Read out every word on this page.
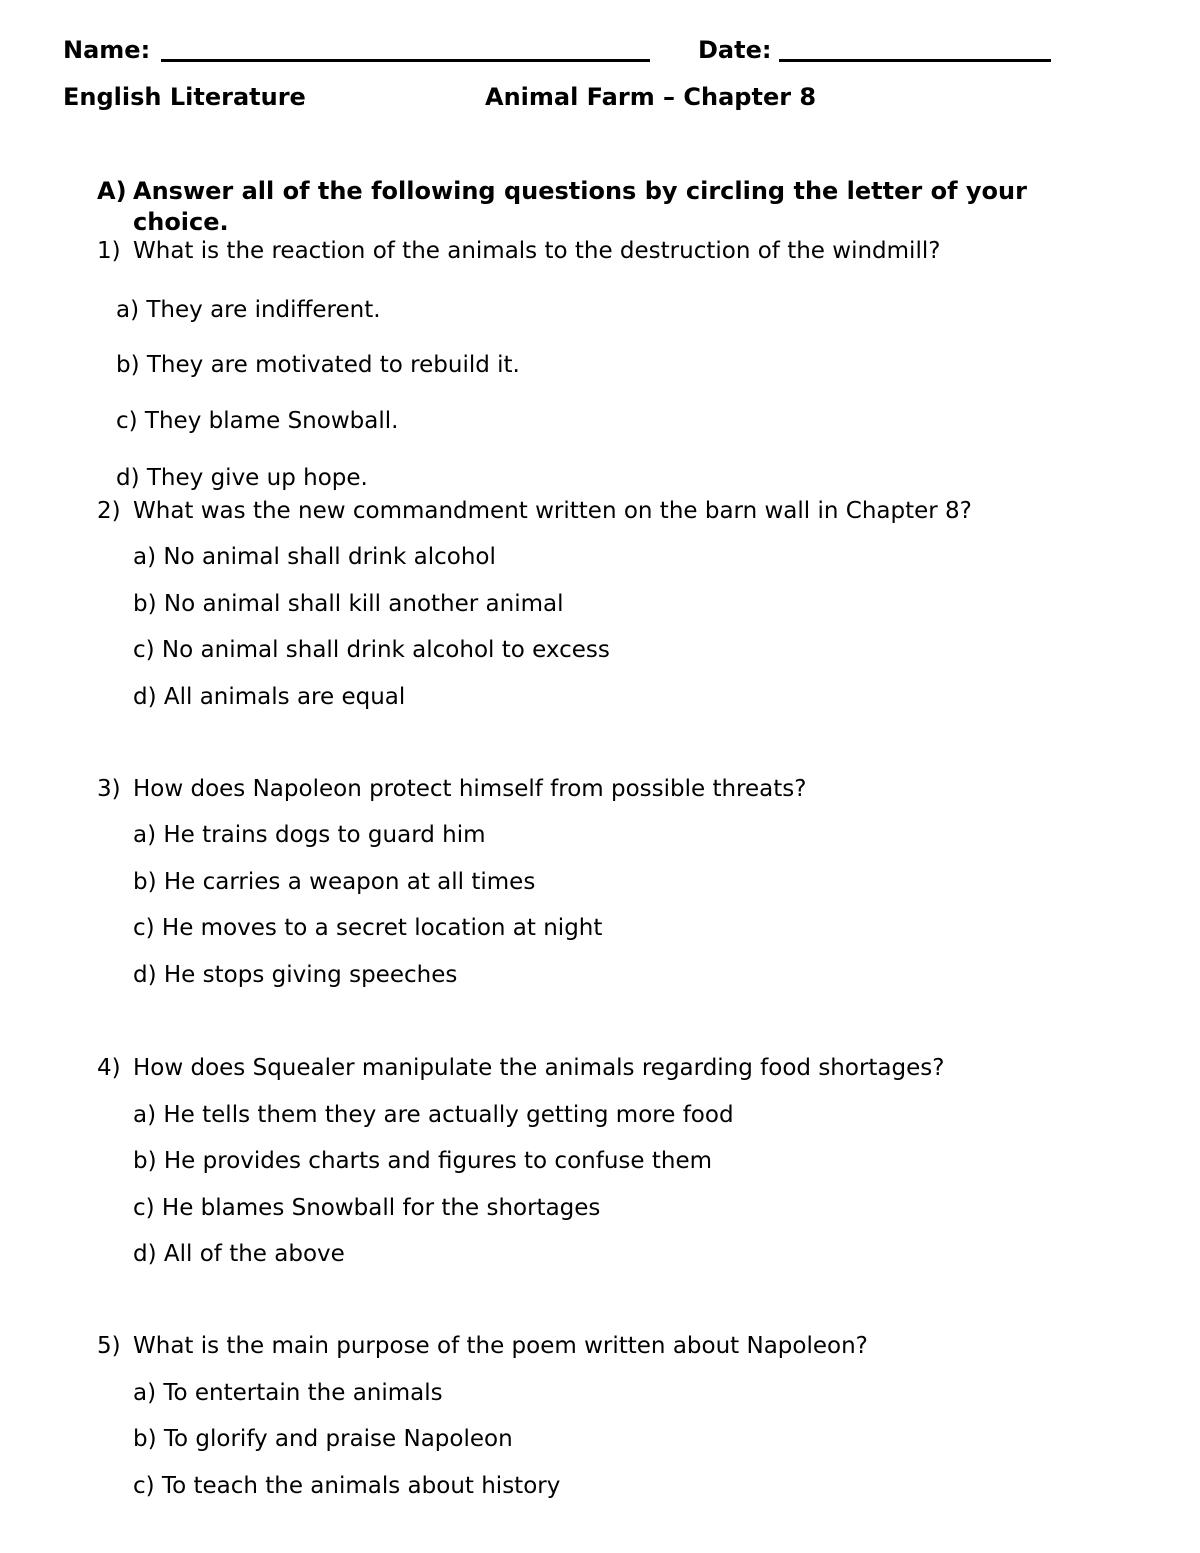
Name:	Date:
English Literature	Animal Farm – Chapter 8
A) Answer all of the following questions by circling the letter of your choice.
1) What is the reaction of the animals to the destruction of the windmill?
a) They are indifferent.
b) They are motivated to rebuild it.
c) They blame Snowball.
d) They give up hope.
2) What was the new commandment written on the barn wall in Chapter 8?
a) No animal shall drink alcohol
b) No animal shall kill another animal
c) No animal shall drink alcohol to excess
d) All animals are equal
3) How does Napoleon protect himself from possible threats?
a) He trains dogs to guard him
b) He carries a weapon at all times
c) He moves to a secret location at night
d) He stops giving speeches
4) How does Squealer manipulate the animals regarding food shortages?
a) He tells them they are actually getting more food
b) He provides charts and figures to confuse them
c) He blames Snowball for the shortages
d) All of the above
5) What is the main purpose of the poem written about Napoleon?
a) To entertain the animals
b) To glorify and praise Napoleon
c) To teach the animals about history
